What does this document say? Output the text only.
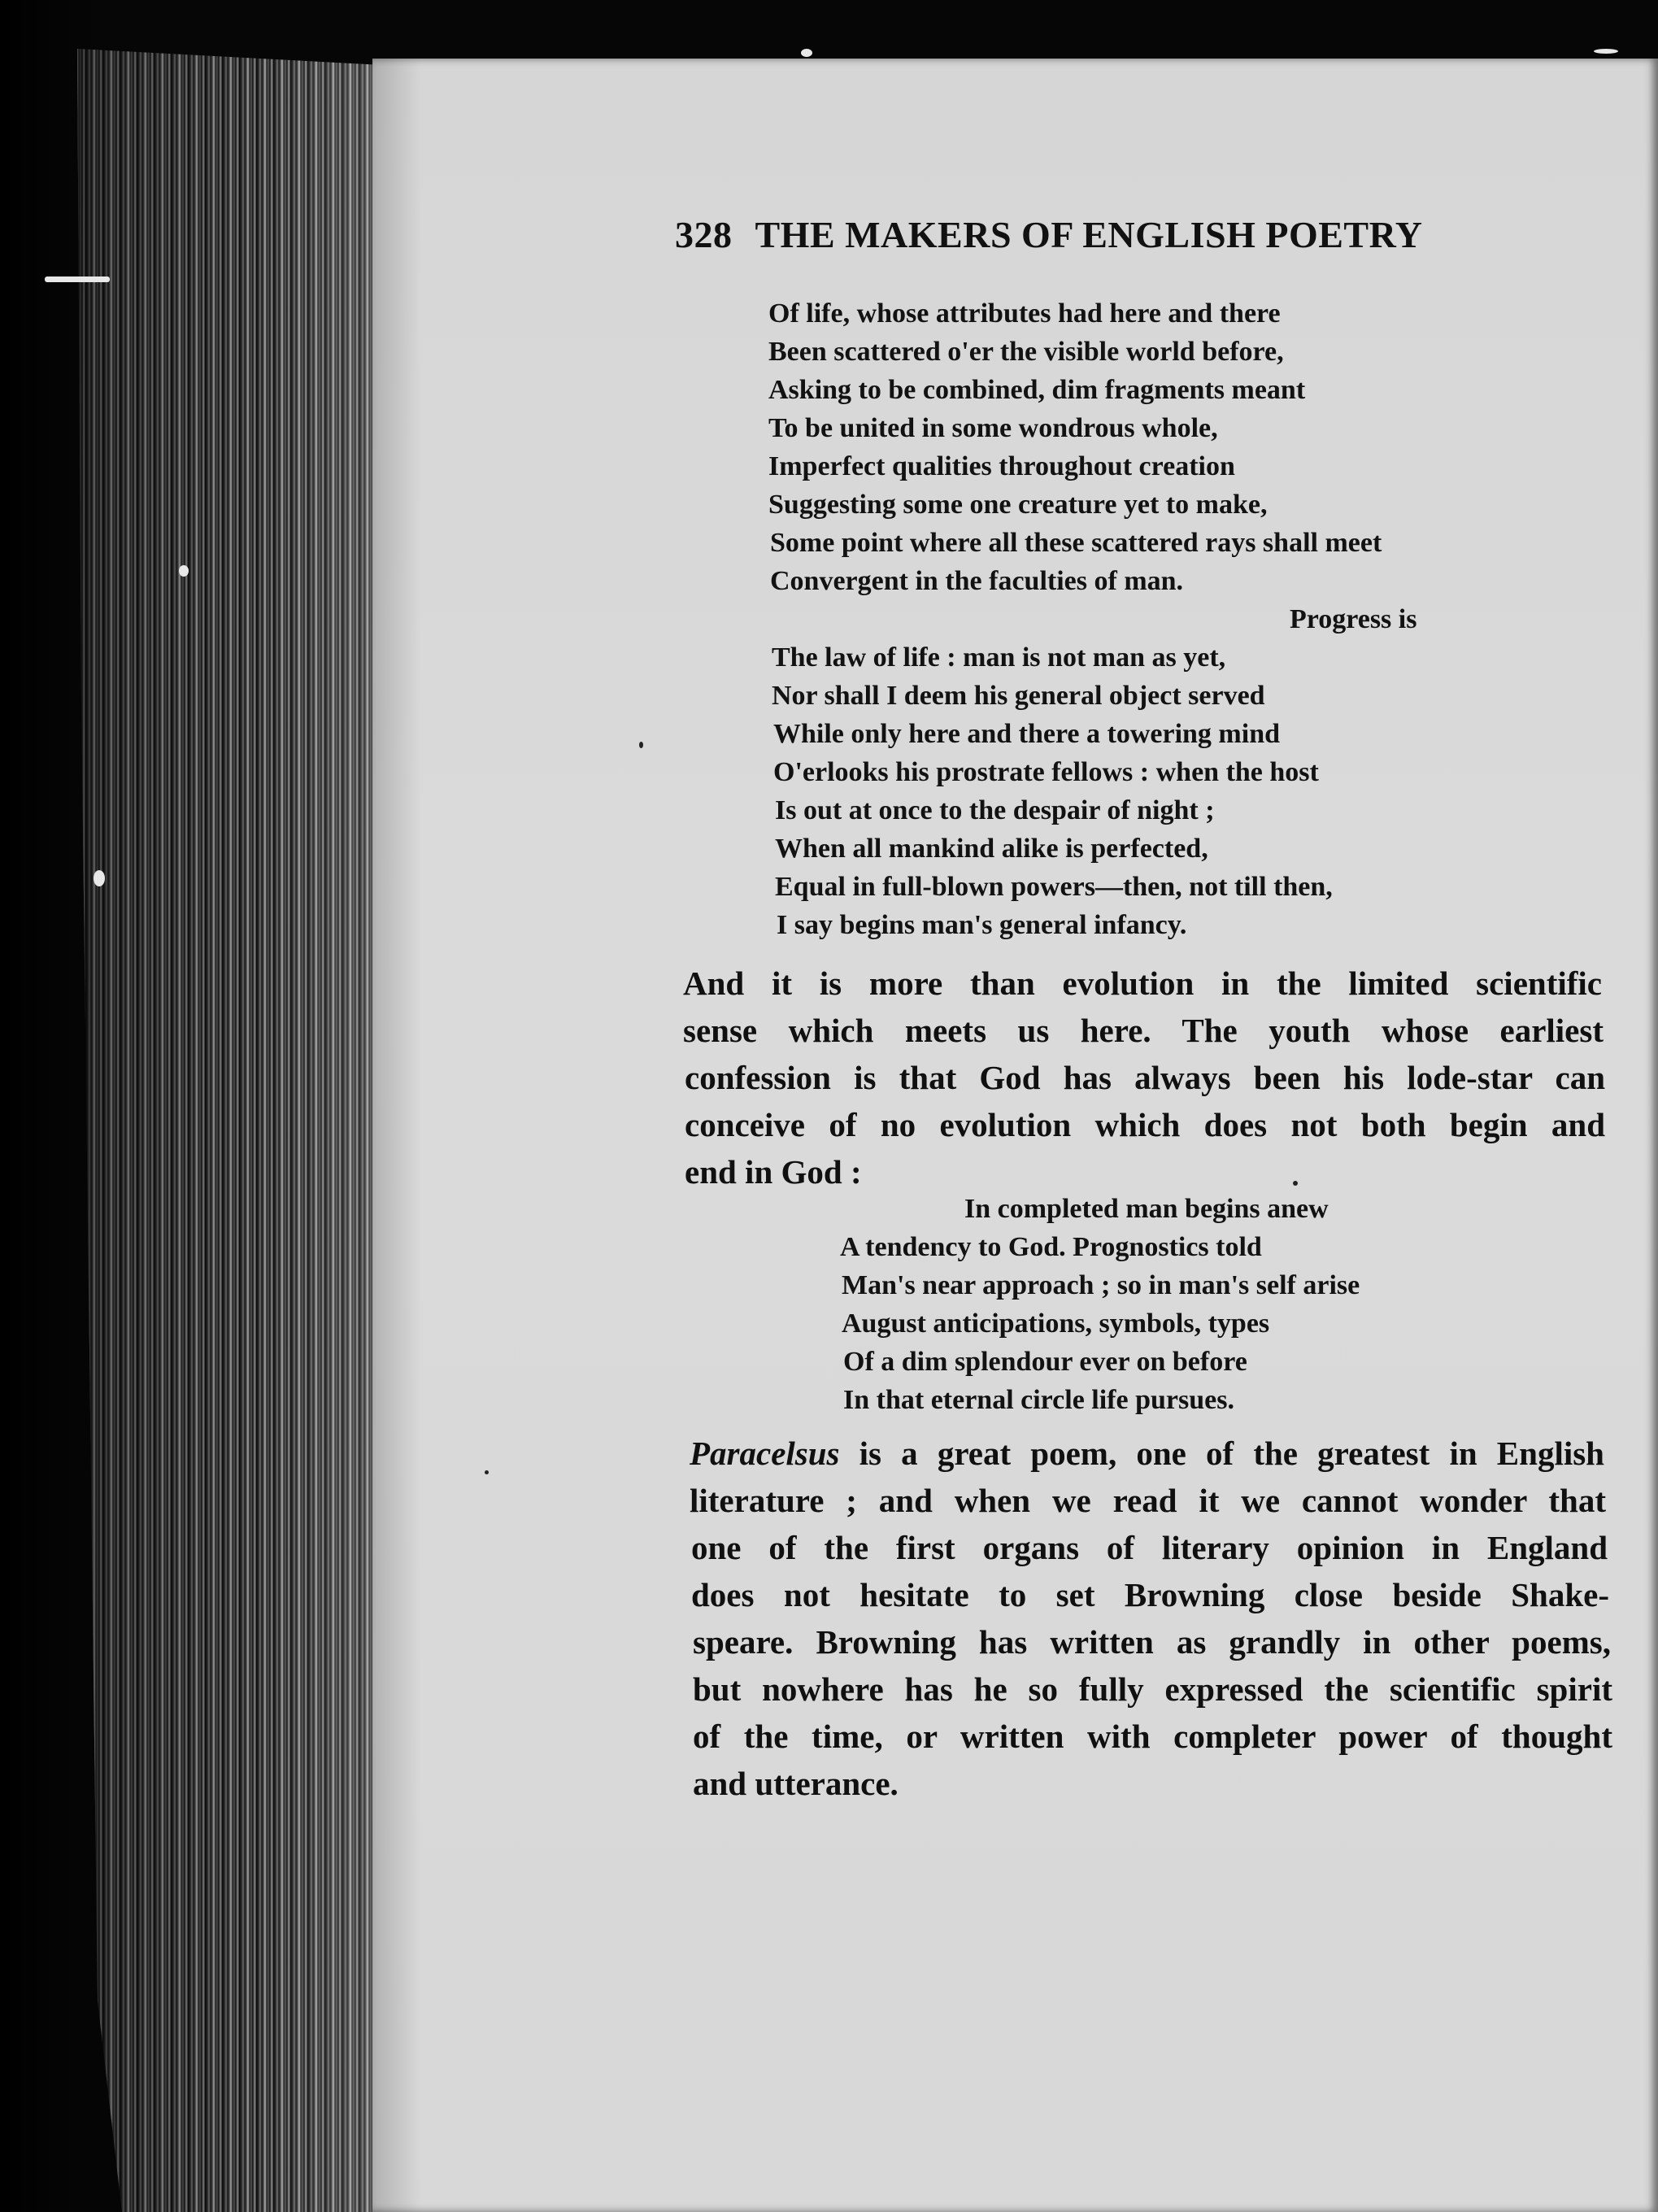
328 THE MAKERS OF ENGLISH POETRY
Of life, whose attributes had here and there
Been scattered o'er the visible world before,
Asking to be combined, dim fragments meant
To be united in some wondrous whole,
Imperfect qualities throughout creation
Suggesting some one creature yet to make,
Some point where all these scattered rays shall meet
Convergent in the faculties of man.
Progress is
The law of life : man is not man as yet,
Nor shall I deem his general object served
While only here and there a towering mind
O'erlooks his prostrate fellows : when the host
Is out at once to the despair of night ;
When all mankind alike is perfected,
Equal in full-blown powers—then, not till then,
I say begins man's general infancy.
And it is more than evolution in the limited scientific
sense which meets us here. The youth whose earliest
confession is that God has always been his lode-star can
conceive of no evolution which does not both begin and
end in God :
In completed man begins anew
A tendency to God. Prognostics told
Man's near approach ; so in man's self arise
August anticipations, symbols, types
Of a dim splendour ever on before
In that eternal circle life pursues.
Paracelsus is a great poem, one of the greatest in English
literature ; and when we read it we cannot wonder that
one of the first organs of literary opinion in England
does not hesitate to set Browning close beside Shake-
speare. Browning has written as grandly in other poems,
but nowhere has he so fully expressed the scientific spirit
of the time, or written with completer power of thought
and utterance.
